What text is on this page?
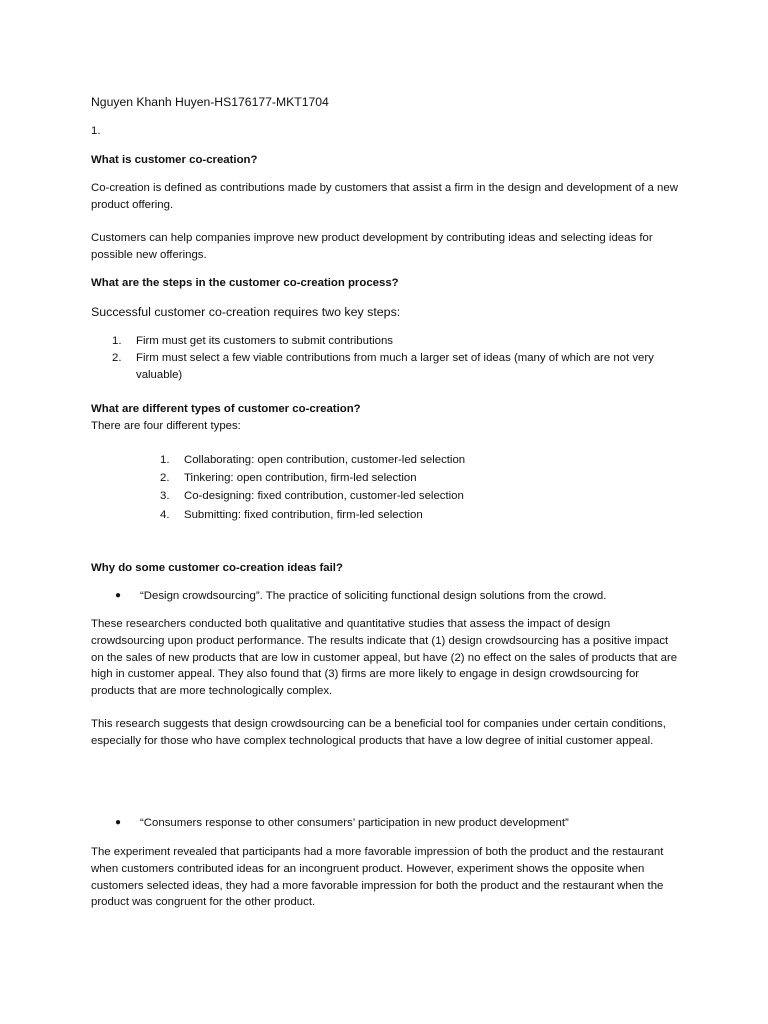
Nguyen Khanh Huyen-HS176177-MKT1704

1.

What is customer co-creation?

Co-creation is defined as contributions made by customers that assist a firm in the design and development of a new product offering.

Customers can help companies improve new product development by contributing ideas and selecting ideas for possible new offerings.

What are the steps in the customer co-creation process?

Successful customer co-creation requires two key steps:

1.	Firm must get its customers to submit contributions
2.	Firm must select a few viable contributions from much a larger set of ideas (many of which are not very valuable)

What are different types of customer co-creation?

There are four different types:

1.	Collaborating: open contribution, customer-led selection
2.	Tinkering: open contribution, firm-led selection
3.	Co-designing: fixed contribution, customer-led selection
4.	Submitting: fixed contribution, firm-led selection

Why do some customer co-creation ideas fail?

● “Design crowdsourcing”. The practice of soliciting functional design solutions from the crowd.

These researchers conducted both qualitative and quantitative studies that assess the impact of design crowdsourcing upon product performance. The results indicate that (1) design crowdsourcing has a positive impact on the sales of new products that are low in customer appeal, but have (2) no effect on the sales of products that are high in customer appeal. They also found that (3) firms are more likely to engage in design crowdsourcing for products that are more technologically complex.

This research suggests that design crowdsourcing can be a beneficial tool for companies under certain conditions, especially for those who have complex technological products that have a low degree of initial customer appeal.

● “Consumers response to other consumers’ participation in new product development”

The experiment revealed that participants had a more favorable impression of both the product and the restaurant when customers contributed ideas for an incongruent product. However, experiment shows the opposite when customers selected ideas, they had a more favorable impression for both the product and the restaurant when the product was congruent for the other product.
